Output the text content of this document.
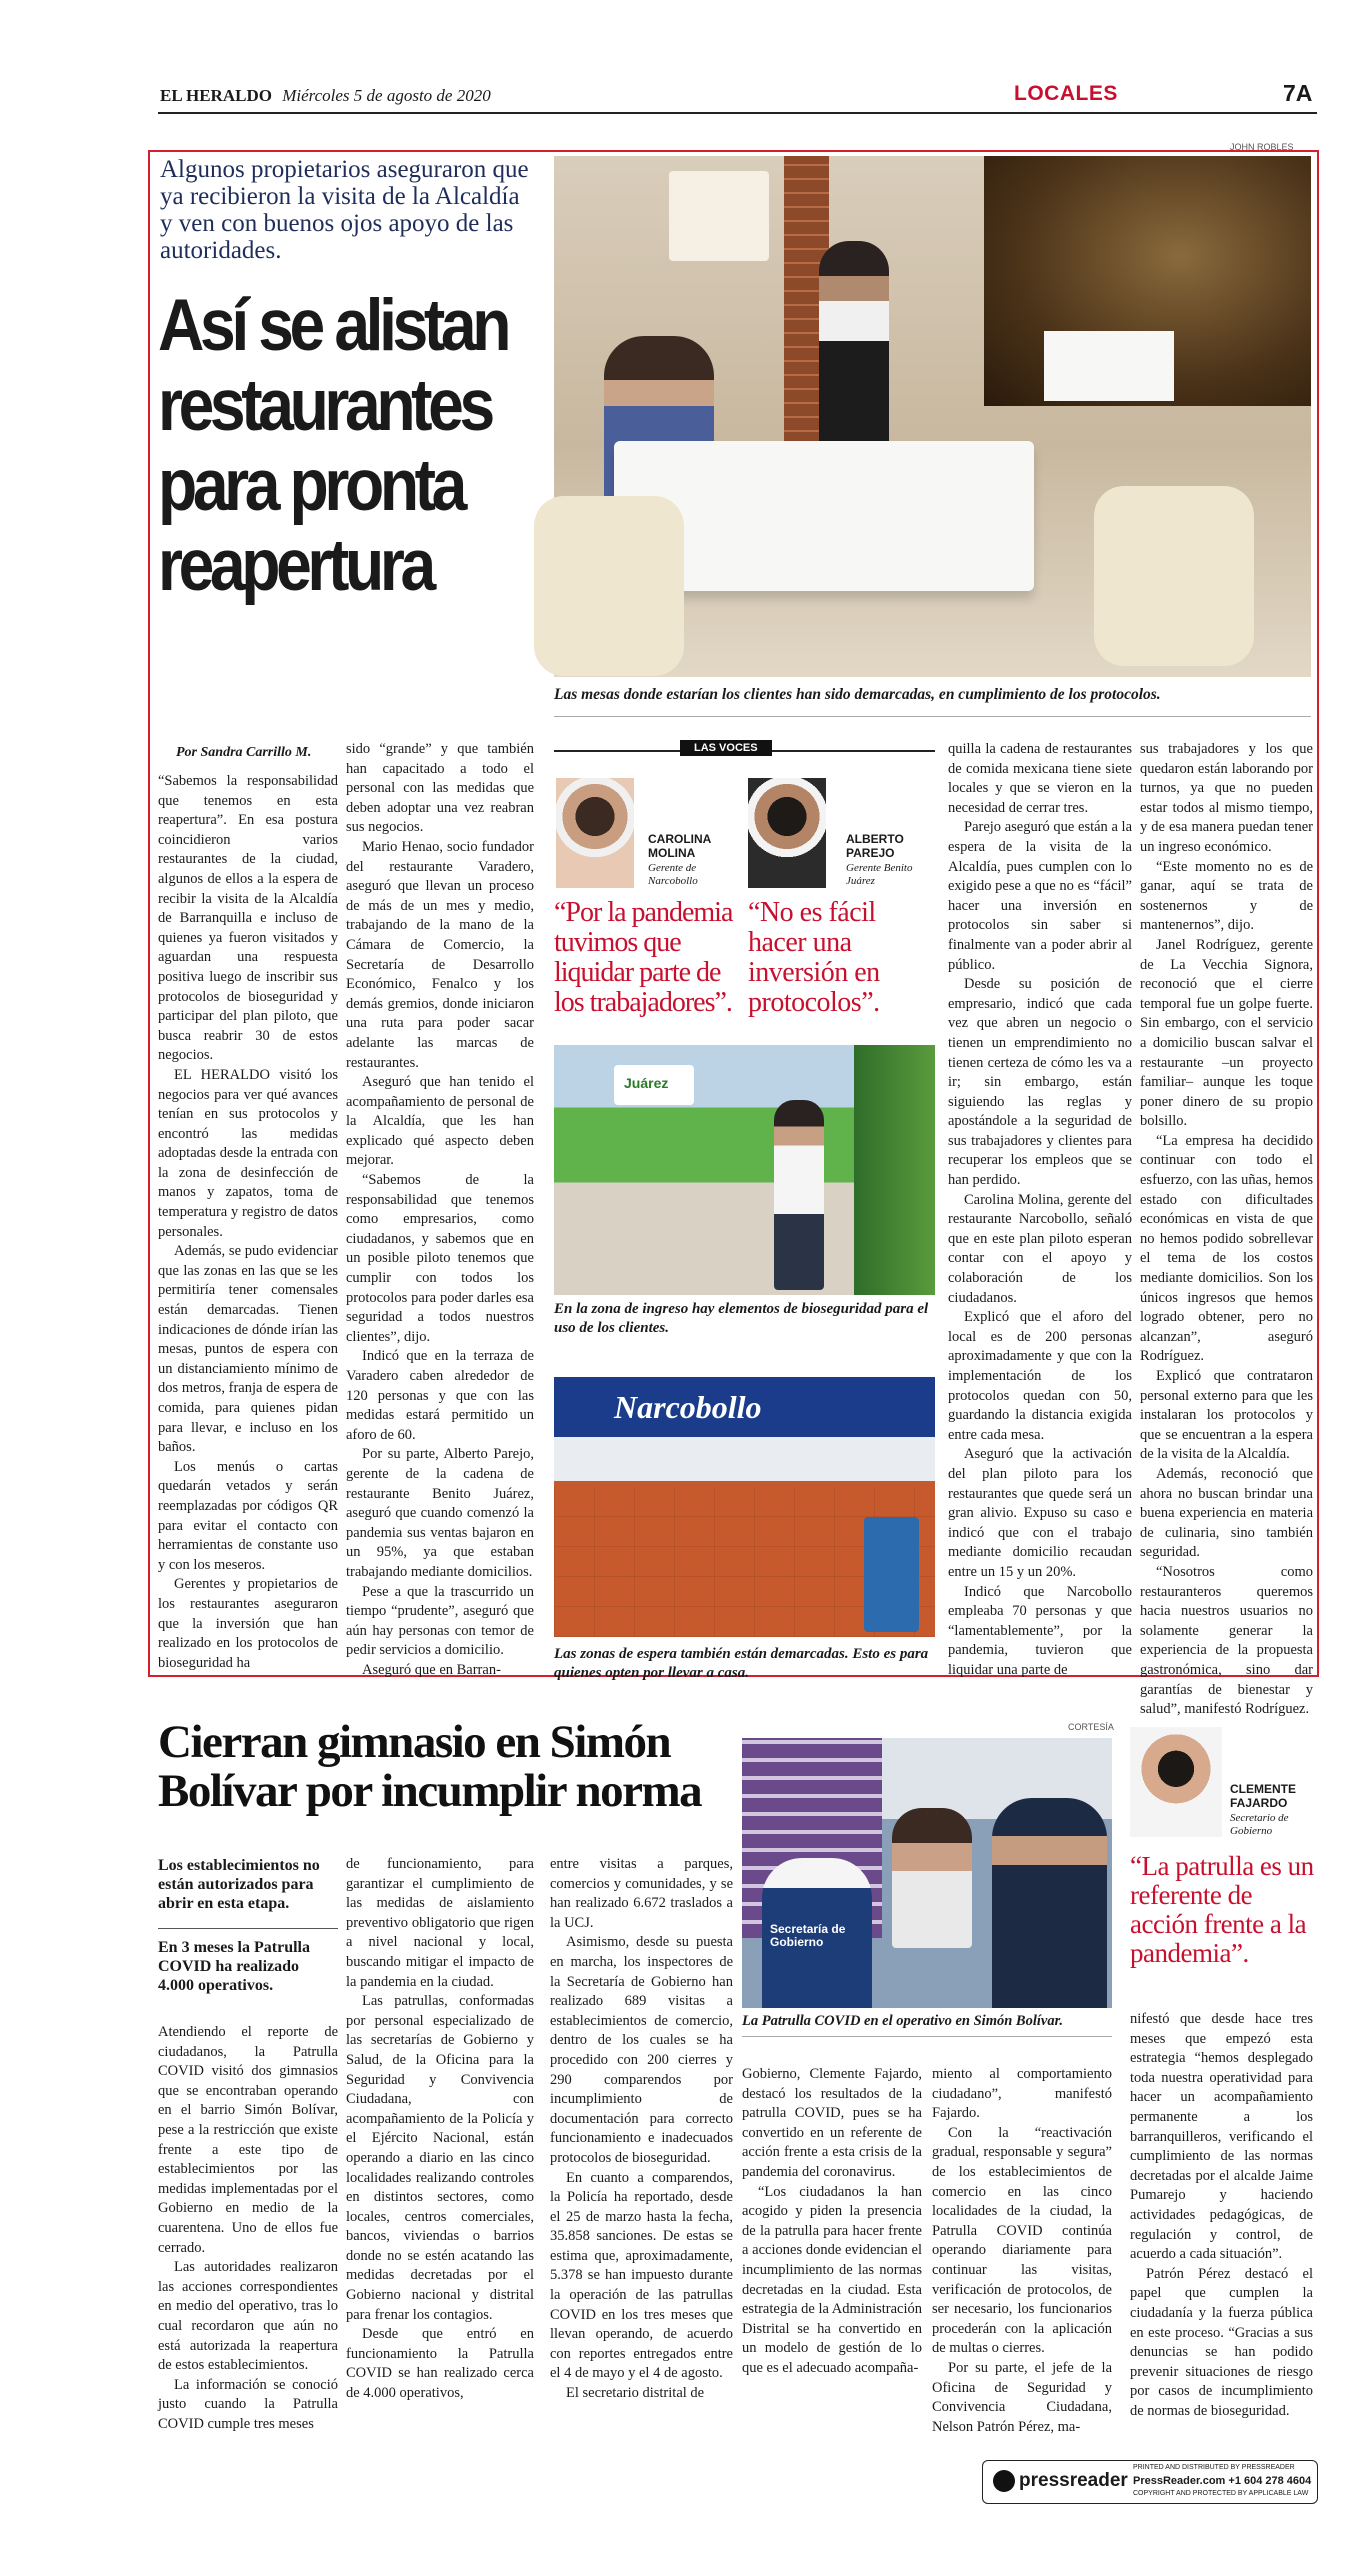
EL HERALDO Miércoles 5 de agosto de 2020	LOCALES	7A
JOHN ROBLES
Algunos propietarios aseguraron que ya recibieron la visita de la Alcaldía y ven con buenos ojos apoyo de las autoridades.
Así se alistan restaurantes para pronta reapertura
Las mesas donde estarían los clientes han sido demarcadas, en cumplimiento de los protocolos.
Por Sandra Carrillo M.

“Sabemos la responsabilidad que tenemos en esta reapertura”. En esa postura coincidieron varios restaurantes de la ciudad, algunos de ellos a la espera de recibir la visita de la Alcaldía de Barranquilla e incluso de quienes ya fueron visitados y aguardan una respuesta positiva luego de inscribir sus protocolos de bioseguridad y participar del plan piloto, que busca reabrir 30 de estos negocios.

EL HERALDO visitó los negocios para ver qué avances tenían en sus protocolos y encontró las medidas adoptadas desde la entrada con la zona de desinfección de manos y zapatos, toma de temperatura y registro de datos personales.

Además, se pudo evidenciar que las zonas en las que se les permitiría tener comensales están demarcadas. Tienen indicaciones de dónde irían las mesas, puntos de espera con un distanciamiento mínimo de dos metros, franja de espera de comida, para quienes pidan para llevar, e incluso en los baños.

Los menús o cartas quedarán vetados y serán reemplazadas por códigos QR para evitar el contacto con herramientas de constante uso y con los meseros.

Gerentes y propietarios de los restaurantes aseguraron que la inversión que han realizado en los protocolos de bioseguridad ha

sido “grande” y que también han capacitado a todo el personal con las medidas que deben adoptar una vez reabran sus negocios.

Mario Henao, socio fundador del restaurante Varadero, aseguró que llevan un proceso de más de un mes y medio, trabajando de la mano de la Cámara de Comercio, la Secretaría de Desarrollo Económico, Fenalco y los demás gremios, donde iniciaron una ruta para poder sacar adelante las marcas de restaurantes.

Aseguró que han tenido el acompañamiento de personal de la Alcaldía, que les han explicado qué aspecto deben mejorar.

“Sabemos de la responsabilidad que tenemos como empresarios, como ciudadanos, y sabemos que en un posible piloto tenemos que cumplir con todos los protocolos para poder darles esa seguridad a todos nuestros clientes”, dijo.

Indicó que en la terraza de Varadero caben alrededor de 120 personas y que con las medidas estará permitido un aforo de 60.

Por su parte, Alberto Parejo, gerente de la cadena de restaurante Benito Juárez, aseguró que cuando comenzó la pandemia sus ventas bajaron en un 95%, ya que estaban trabajando mediante domicilios.

Pese a que la trascurrido un tiempo “prudente”, aseguró que aún hay personas con temor de pedir servicios a domicilio.

Aseguró que en Barran-

LAS VOCES
CAROLINA MOLINA
Gerente de Narcobollo
ALBERTO PAREJO
Gerente Benito Juárez
“Por la pandemia tuvimos que liquidar parte de los trabajadores”.
“No es fácil hacer una inversión en protocolos”.
Juárez
En la zona de ingreso hay elementos de bioseguridad para el uso de los clientes.
Narcobollo
Las zonas de espera también están demarcadas. Esto es para quienes opten por llevar a casa.

quilla la cadena de restaurantes de comida mexicana tiene siete locales y que se vieron en la necesidad de cerrar tres.

Parejo aseguró que están a la espera de la visita de la Alcaldía, pues cumplen con lo exigido pese a que no es “fácil” hacer una inversión en protocolos sin saber si finalmente van a poder abrir al público.

Desde su posición de empresario, indicó que cada vez que abren un negocio o tienen un emprendimiento no tienen certeza de cómo les va a ir; sin embargo, están siguiendo las reglas y apostándole a la seguridad de sus trabajadores y clientes para recuperar los empleos que se han perdido.

Carolina Molina, gerente del restaurante Narcobollo, señaló que en este plan piloto esperan contar con el apoyo y colaboración de los ciudadanos.

Explicó que el aforo del local es de 200 personas aproximadamente y que con la implementación de los protocolos quedan con 50, guardando la distancia exigida entre cada mesa.

Aseguró que la activación del plan piloto para los restaurantes que quede será un gran alivio. Expuso su caso e indicó que con el trabajo mediante domicilio recaudan entre un 15 y un 20%.

Indicó que Narcobollo empleaba 70 personas y que “lamentablemente”, por la pandemia, tuvieron que liquidar una parte de

sus trabajadores y los que quedaron están laborando por turnos, ya que no pueden estar todos al mismo tiempo, y de esa manera puedan tener un ingreso económico.

“Este momento no es de ganar, aquí se trata de sostenernos y de mantenernos”, dijo.

Janel Rodríguez, gerente de La Vecchia Signora, reconoció que el cierre temporal fue un golpe fuerte. Sin embargo, con el servicio a domicilio buscan salvar el restaurante –un proyecto familiar– aunque les toque poner dinero de su propio bolsillo.

“La empresa ha decidido continuar con todo el esfuerzo, con las uñas, hemos estado con dificultades económicas en vista de que no hemos podido sobrellevar el tema de los costos mediante domicilios. Son los únicos ingresos que hemos logrado obtener, pero no alcanzan”, aseguró Rodríguez.

Explicó que contrataron personal externo para que les instalaran los protocolos y que se encuentran a la espera de la visita de la Alcaldía.

Además, reconoció que ahora no buscan brindar una buena experiencia en materia de culinaria, sino también seguridad.

“Nosotros como restauranteros queremos hacia nuestros usuarios no solamente generar la experiencia de la propuesta gastronómica, sino dar garantías de bienestar y salud”, manifestó Rodríguez.

Cierran gimnasio en Simón Bolívar por incumplir norma
Los establecimientos no están autorizados para abrir en esta etapa.
En 3 meses la Patrulla COVID ha realizado 4.000 operativos.

Atendiendo el reporte de ciudadanos, la Patrulla COVID visitó dos gimnasios que se encontraban operando en el barrio Simón Bolívar, pese a la restricción que existe frente a este tipo de establecimientos por las medidas implementadas por el Gobierno en medio de la cuarentena. Uno de ellos fue cerrado.

Las autoridades realizaron las acciones correspondientes en medio del operativo, tras lo cual recordaron que aún no está autorizada la reapertura de estos establecimientos.

La información se conoció justo cuando la Patrulla COVID cumple tres meses

de funcionamiento, para garantizar el cumplimiento de las medidas de aislamiento preventivo obligatorio que rigen a nivel nacional y local, buscando mitigar el impacto de la pandemia en la ciudad.

Las patrullas, conformadas por personal especializado de las secretarías de Gobierno y Salud, de la Oficina para la Seguridad y Convivencia Ciudadana, con acompañamiento de la Policía y el Ejército Nacional, están operando a diario en las cinco localidades realizando controles en distintos sectores, como locales, centros comerciales, bancos, viviendas o barrios donde no se estén acatando las medidas decretadas por el Gobierno nacional y distrital para frenar los contagios.

Desde que entró en funcionamiento la Patrulla COVID se han realizado cerca de 4.000 operativos,

entre visitas a parques, comercios y comunidades, y se han realizado 6.672 traslados a la UCJ.

Asimismo, desde su puesta en marcha, los inspectores de la Secretaría de Gobierno han realizado 689 visitas a establecimientos de comercio, dentro de los cuales se ha procedido con 200 cierres y 290 comparendos por incumplimiento de documentación para correcto funcionamiento e inadecuados protocolos de bioseguridad.

En cuanto a comparendos, la Policía ha reportado, desde el 25 de marzo hasta la fecha, 35.858 sanciones. De estas se estima que, aproximadamente, 5.378 se han impuesto durante la operación de las patrullas COVID en los tres meses que llevan operando, de acuerdo con reportes entregados entre el 4 de mayo y el 4 de agosto.

El secretario distrital de

CORTESÍA
Secretaría de Gobierno
La Patrulla COVID en el operativo en Simón Bolívar.

Gobierno, Clemente Fajardo, destacó los resultados de la patrulla COVID, pues se ha convertido en un referente de acción frente a esta crisis de la pandemia del coronavirus.

“Los ciudadanos la han acogido y piden la presencia de la patrulla para hacer frente a acciones donde evidencian el incumplimiento de las normas decretadas en la ciudad. Esta estrategia de la Administración Distrital se ha convertido en un modelo de gestión de lo que es el adecuado acompaña-

miento al comportamiento ciudadano”, manifestó Fajardo.

Con la “reactivación gradual, responsable y segura” de los establecimientos de comercio en las cinco localidades de la ciudad, la Patrulla COVID continúa operando diariamente para continuar las visitas, verificación de protocolos, de ser necesario, los funcionarios procederán con la aplicación de multas o cierres.

Por su parte, el jefe de la Oficina de Seguridad y Convivencia Ciudadana, Nelson Patrón Pérez, ma-

CLEMENTE FAJARDO
Secretario de Gobierno
“La patrulla es un referente de acción frente a la pandemia”.

nifestó que desde hace tres meses que empezó esta estrategia “hemos desplegado toda nuestra operatividad para hacer un acompañamiento permanente a los barranquilleros, verificando el cumplimiento de las normas decretadas por el alcalde Jaime Pumarejo y haciendo actividades pedagógicas, de regulación y control, de acuerdo a cada situación”.

Patrón Pérez destacó el papel que cumplen la ciudadanía y la fuerza pública en este proceso. “Gracias a sus denuncias se han podido prevenir situaciones de riesgo por casos de incumplimiento de normas de bioseguridad.

pressreader
PRINTED AND DISTRIBUTED BY PRESSREADER
PressReader.com +1 604 278 4604
COPYRIGHT AND PROTECTED BY APPLICABLE LAW
